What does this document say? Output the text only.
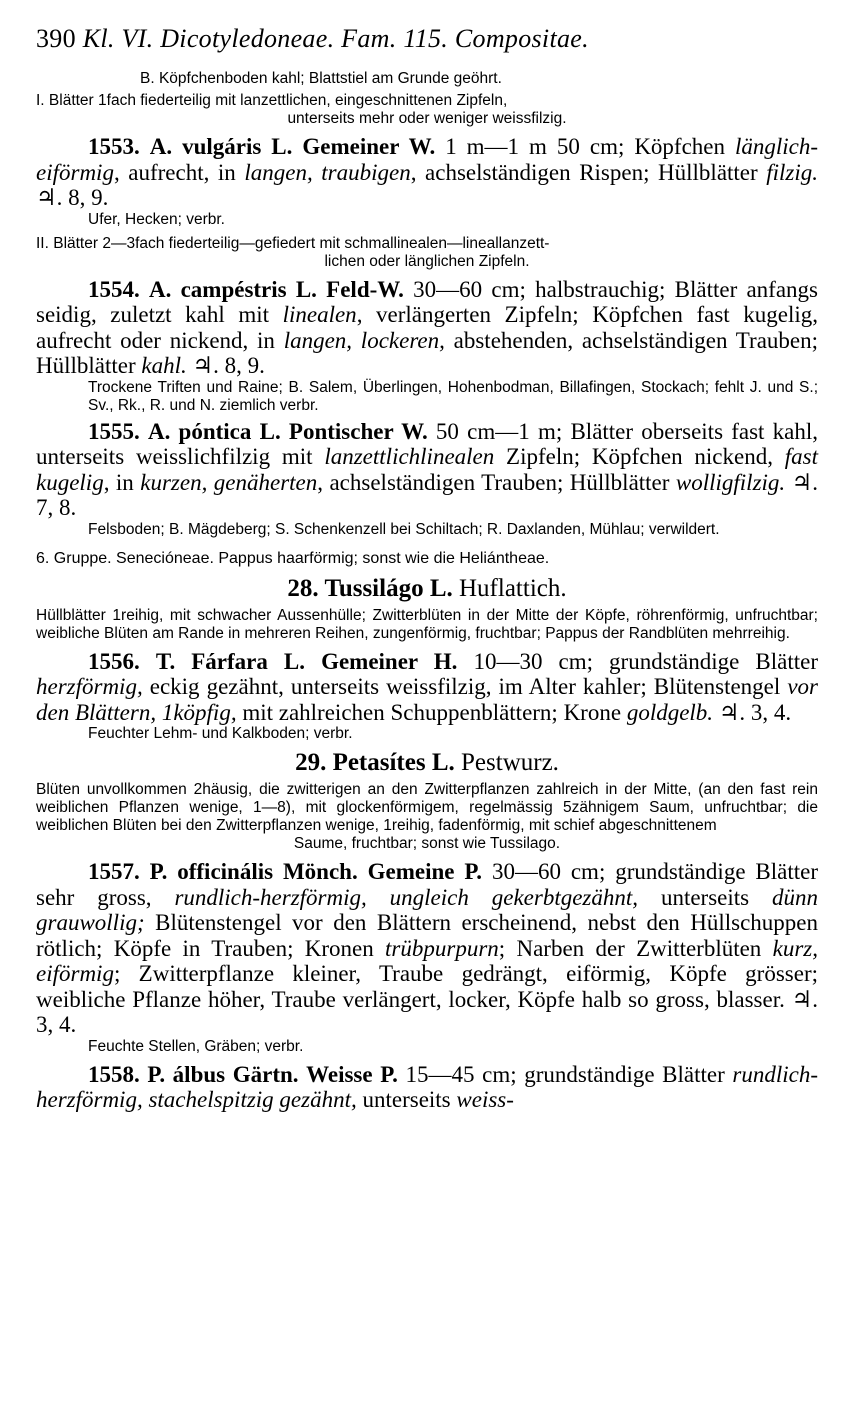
390 Kl. VI. Dicotyledoneae. Fam. 115. Compositae.

B. Köpfchenboden kahl; Blattstiel am Grunde geöhrt.

I. Blätter 1fach fiederteilig mit lanzettlichen, eingeschnittenen Zipfeln,

unterseits mehr oder weniger weissfilzig.

1553. A. vulgáris L. Gemeiner W. 1 m—1 m 50 cm; Köpfchen länglich-eiförmig, aufrecht, in langen, traubigen, achselständigen Rispen; Hüllblätter filzig. ♃. 8, 9.

Ufer, Hecken; verbr.

II. Blätter 2—3fach fiederteilig—gefiedert mit schmallinealen—lineallanzett-

lichen oder länglichen Zipfeln.

1554. A. campéstris L. Feld-W. 30—60 cm; halbstrauchig; Blätter anfangs seidig, zuletzt kahl mit linealen, verlängerten Zipfeln; Köpfchen fast kugelig, aufrecht oder nickend, in langen, lockeren, abstehenden, achselständigen Trauben; Hüllblätter kahl. ♃. 8, 9.

Trockene Triften und Raine; B. Salem, Überlingen, Hohenbodman, Billafingen, Stockach; fehlt J. und S.; Sv., Rk., R. und N. ziemlich verbr.

1555. A. póntica L. Pontischer W. 50 cm—1 m; Blätter oberseits fast kahl, unterseits weisslichfilzig mit lanzettlichlinealen Zipfeln; Köpfchen nickend, fast kugelig, in kurzen, genäherten, achselständigen Trauben; Hüllblätter wolligfilzig. ♃. 7, 8.

Felsboden; B. Mägdeberg; S. Schenkenzell bei Schiltach; R. Daxlanden, Mühlau; verwildert.

6. Gruppe. Senecióneae. Pappus haarförmig; sonst wie die Heliántheae.

28. Tussilágo L. Huflattich.

Hüllblätter 1reihig, mit schwacher Aussenhülle; Zwitterblüten in der Mitte der Köpfe, röhrenförmig, unfruchtbar; weibliche Blüten am Rande in mehreren Reihen, zungenförmig, fruchtbar; Pappus der Randblüten mehrreihig.

1556. T. Fárfara L. Gemeiner H. 10—30 cm; grundständige Blätter herzförmig, eckig gezähnt, unterseits weissfilzig, im Alter kahler; Blütenstengel vor den Blättern, 1köpfig, mit zahlreichen Schuppenblättern; Krone goldgelb. ♃. 3, 4.

Feuchter Lehm- und Kalkboden; verbr.

29. Petasítes L. Pestwurz.

Blüten unvollkommen 2häusig, die zwitterigen an den Zwitterpflanzen zahlreich in der Mitte, (an den fast rein weiblichen Pflanzen wenige, 1—8), mit glockenförmigem, regelmässig 5zähnigem Saum, unfruchtbar; die weiblichen Blüten bei den Zwitterpflanzen wenige, 1reihig, fadenförmig, mit schief abgeschnittenem
Saume, fruchtbar; sonst wie Tussilago.

1557. P. officinális Mönch. Gemeine P. 30—60 cm; grundständige Blätter sehr gross, rundlich-herzförmig, ungleich gekerbtgezähnt, unterseits dünn grauwollig; Blütenstengel vor den Blättern erscheinend, nebst den Hüllschuppen rötlich; Köpfe in Trauben; Kronen trübpurpurn; Narben der Zwitterblüten kurz, eiförmig; Zwitterpflanze kleiner, Traube gedrängt, eiförmig, Köpfe grösser; weibliche Pflanze höher, Traube verlängert, locker, Köpfe halb so gross, blasser. ♃. 3, 4.

Feuchte Stellen, Gräben; verbr.

1558. P. álbus Gärtn. Weisse P. 15—45 cm; grundständige Blätter rundlich-herzförmig, stachelspitzig gezähnt, unterseits weiss-
